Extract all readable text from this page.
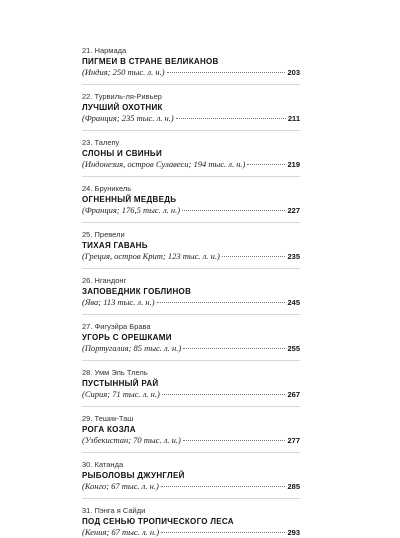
21. Нармада
ПИГМЕИ В СТРАНЕ ВЕЛИКАНОВ
(Индия; 250 тыс. л. н.)	203
22. Турвиль-ля-Ривьер
ЛУЧШИЙ ОХОТНИК
(Франция; 235 тыс. л. н.)	211
23. Талепу
СЛОНЫ И СВИНЬИ
(Индонезия, остров Сулавеси; 194 тыс. л. н.)	219
24. Бруникель
ОГНЕННЫЙ МЕДВЕДЬ
(Франция; 176,5 тыс. л. н.)	227
25. Превели
ТИХАЯ ГАВАНЬ
(Греция, остров Крит; 123 тыс. л. н.)	235
26. Нгандонг
ЗАПОВЕДНИК ГОБЛИНОВ
(Ява; 113 тыс. л. н.)	245
27. Фигуэйра Брава
УГОРЬ С ОРЕШКАМИ
(Португалия; 85 тыс. л. н.)	255
28. Умм Эль Тлель
ПУСТЫННЫЙ РАЙ
(Сирия; 71 тыс. л. н.)	267
29. Тешик-Таш
РОГА КОЗЛА
(Узбекистан; 70 тыс. л. н.)	277
30. Катанда
РЫБОЛОВЫ ДЖУНГЛЕЙ
(Конго; 67 тыс. л. н.)	285
31. Пэнга я Сайди
ПОД СЕНЬЮ ТРОПИЧЕСКОГО ЛЕСА
(Кения; 67 тыс. л. н.)	293
